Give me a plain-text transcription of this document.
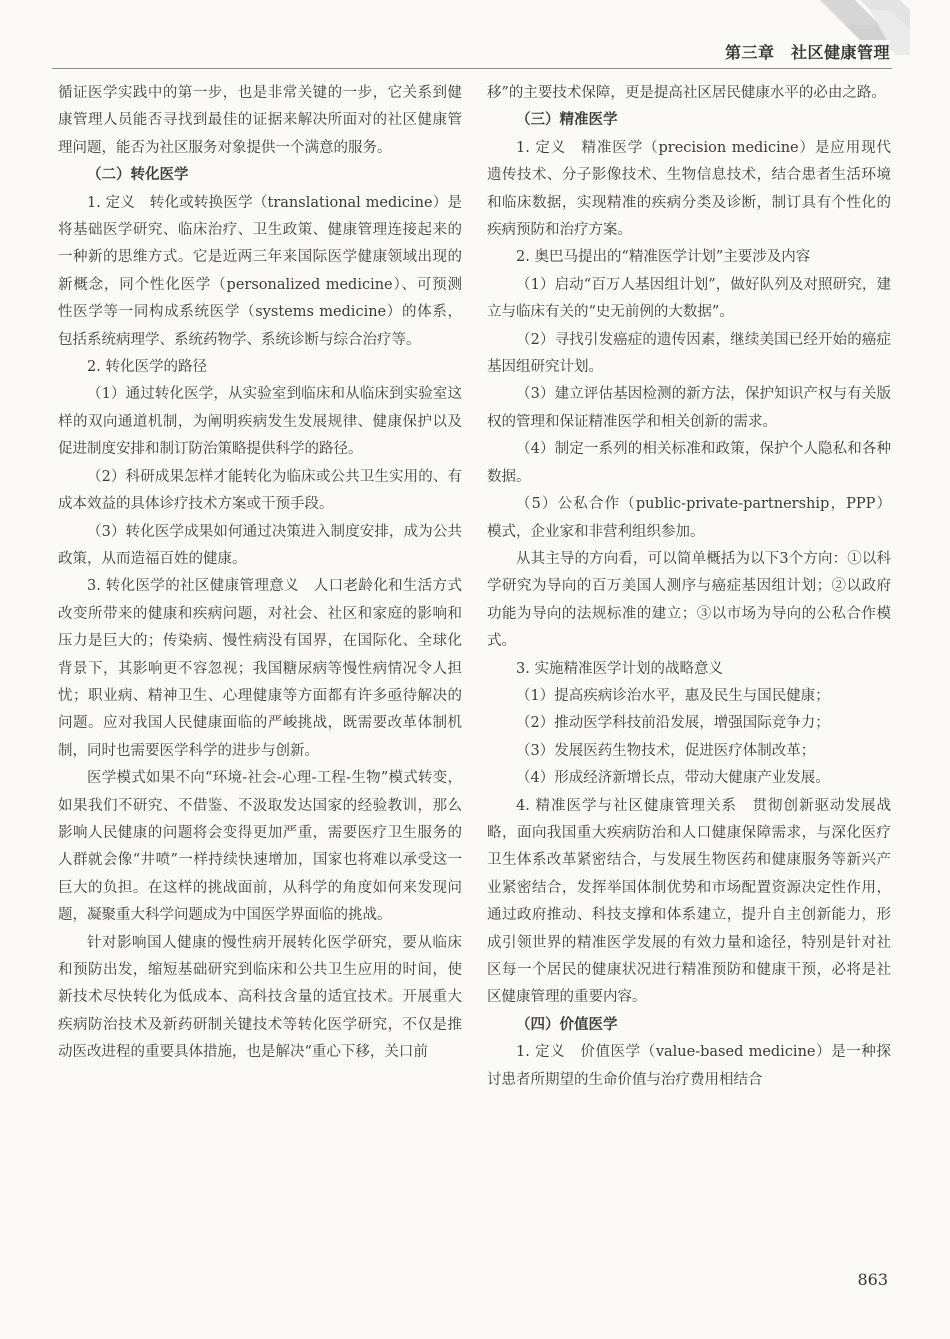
第三章　社区健康管理

循证医学实践中的第一步，也是非常关键的一步，它关系到健康管理人员能否寻找到最佳的证据来解决所面对的社区健康管理问题，能否为社区服务对象提供一个满意的服务。

（二）转化医学

1. 定义　转化或转换医学（translational medicine）是将基础医学研究、临床治疗、卫生政策、健康管理连接起来的一种新的思维方式。它是近两三年来国际医学健康领域出现的新概念，同个性化医学（personalized medicine）、可预测性医学等一同构成系统医学（systems medicine）的体系，包括系统病理学、系统药物学、系统诊断与综合治疗等。

2. 转化医学的路径

（1）通过转化医学，从实验室到临床和从临床到实验室这样的双向通道机制，为阐明疾病发生发展规律、健康保护以及促进制度安排和制订防治策略提供科学的路径。

（2）科研成果怎样才能转化为临床或公共卫生实用的、有成本效益的具体诊疗技术方案或干预手段。

（3）转化医学成果如何通过决策进入制度安排，成为公共政策，从而造福百姓的健康。

3. 转化医学的社区健康管理意义　人口老龄化和生活方式改变所带来的健康和疾病问题，对社会、社区和家庭的影响和压力是巨大的；传染病、慢性病没有国界，在国际化、全球化背景下，其影响更不容忽视；我国糖尿病等慢性病情况令人担忧；职业病、精神卫生、心理健康等方面都有许多亟待解决的问题。应对我国人民健康面临的严峻挑战，既需要改革体制机制，同时也需要医学科学的进步与创新。

医学模式如果不向“环境-社会-心理-工程-生物”模式转变，如果我们不研究、不借鉴、不汲取发达国家的经验教训，那么影响人民健康的问题将会变得更加严重，需要医疗卫生服务的人群就会像“井喷”一样持续快速增加，国家也将难以承受这一巨大的负担。在这样的挑战面前，从科学的角度如何来发现问题，凝聚重大科学问题成为中国医学界面临的挑战。

针对影响国人健康的慢性病开展转化医学研究，要从临床和预防出发，缩短基础研究到临床和公共卫生应用的时间，使新技术尽快转化为低成本、高科技含量的适宜技术。开展重大疾病防治技术及新药研制关键技术等转化医学研究，不仅是推动医改进程的重要具体措施，也是解决“重心下移，关口前

移”的主要技术保障，更是提高社区居民健康水平的必由之路。

（三）精准医学

1. 定义　精准医学（precision medicine）是应用现代遗传技术、分子影像技术、生物信息技术，结合患者生活环境和临床数据，实现精准的疾病分类及诊断，制订具有个性化的疾病预防和治疗方案。

2. 奥巴马提出的“精准医学计划”主要涉及内容

（1）启动“百万人基因组计划”，做好队列及对照研究，建立与临床有关的“史无前例的大数据”。

（2）寻找引发癌症的遗传因素，继续美国已经开始的癌症基因组研究计划。

（3）建立评估基因检测的新方法，保护知识产权与有关版权的管理和保证精准医学和相关创新的需求。

（4）制定一系列的相关标准和政策，保护个人隐私和各种数据。

（5）公私合作（public-private-partnership，PPP）模式，企业家和非营利组织参加。

从其主导的方向看，可以简单概括为以下3个方向：①以科学研究为导向的百万美国人测序与癌症基因组计划；②以政府功能为导向的法规标准的建立；③以市场为导向的公私合作模式。

3. 实施精准医学计划的战略意义

（1）提高疾病诊治水平，惠及民生与国民健康；

（2）推动医学科技前沿发展，增强国际竞争力；

（3）发展医药生物技术，促进医疗体制改革；

（4）形成经济新增长点，带动大健康产业发展。

4. 精准医学与社区健康管理关系　贯彻创新驱动发展战略，面向我国重大疾病防治和人口健康保障需求，与深化医疗卫生体系改革紧密结合，与发展生物医药和健康服务等新兴产业紧密结合，发挥举国体制优势和市场配置资源决定性作用，通过政府推动、科技支撑和体系建立，提升自主创新能力，形成引领世界的精准医学发展的有效力量和途径，特别是针对社区每一个居民的健康状况进行精准预防和健康干预，必将是社区健康管理的重要内容。

（四）价值医学

1. 定义　价值医学（value-based medicine）是一种探讨患者所期望的生命价值与治疗费用相结合

863
